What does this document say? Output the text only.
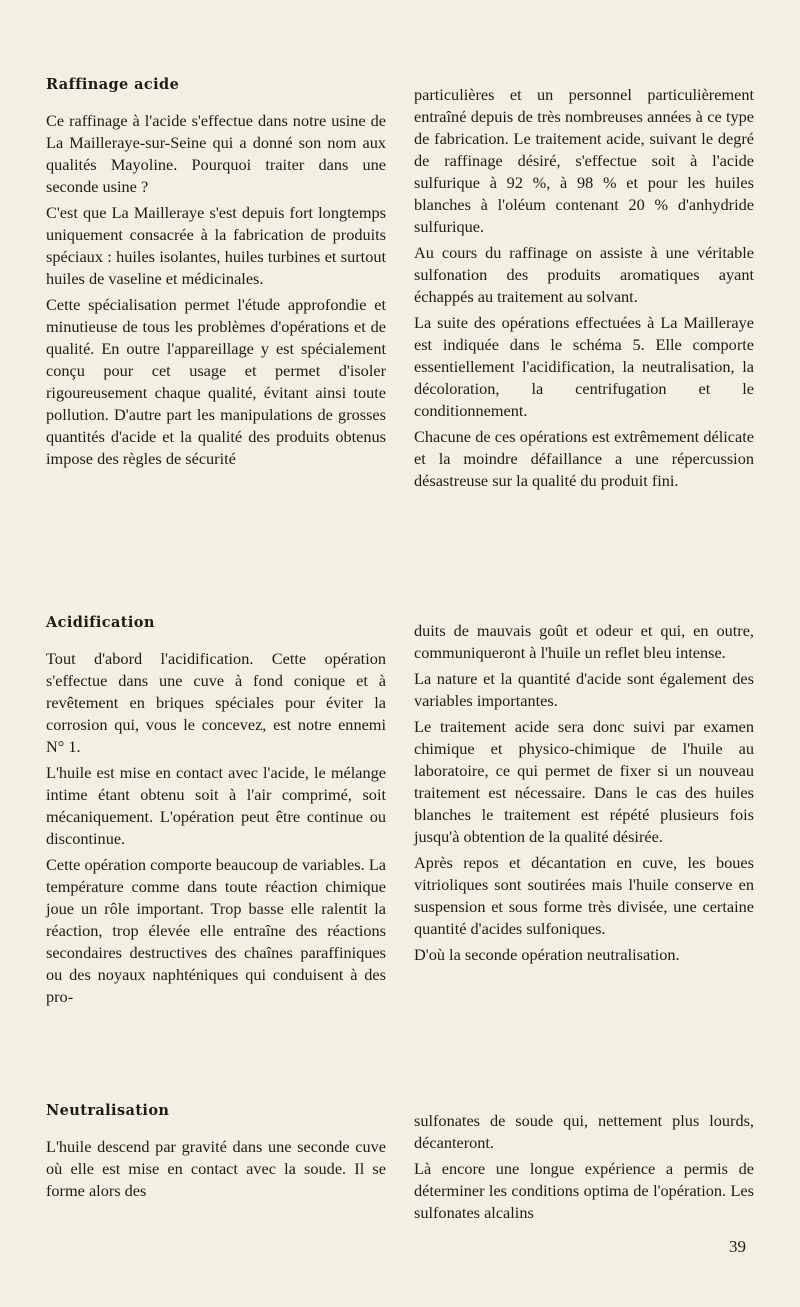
Raffinage acide

Ce raffinage à l'acide s'effectue dans notre usine de La Mailleraye-sur-Seine qui a donné son nom aux qualités Mayoline. Pourquoi traiter dans une seconde usine ?

C'est que La Mailleraye s'est depuis fort longtemps uniquement consacrée à la fabrication de produits spéciaux : huiles isolantes, huiles turbines et surtout huiles de vaseline et médicinales.

Cette spécialisation permet l'étude approfondie et minutieuse de tous les problèmes d'opérations et de qualité. En outre l'appareillage y est spécialement conçu pour cet usage et permet d'isoler rigoureusement chaque qualité, évitant ainsi toute pollution. D'autre part les manipulations de grosses quantités d'acide et la qualité des produits obtenus impose des règles de sécurité

particulières et un personnel particulièrement entraîné depuis de très nombreuses années à ce type de fabrication. Le traitement acide, suivant le degré de raffinage désiré, s'effectue soit à l'acide sulfurique à 92 %, à 98 % et pour les huiles blanches à l'oléum contenant 20 % d'anhydride sulfurique.

Au cours du raffinage on assiste à une véritable sulfonation des produits aromatiques ayant échappés au traitement au solvant.

La suite des opérations effectuées à La Mailleraye est indiquée dans le schéma 5. Elle comporte essentiellement l'acidification, la neutralisation, la décoloration, la centrifugation et le conditionnement.

Chacune de ces opérations est extrêmement délicate et la moindre défaillance a une répercussion désastreuse sur la qualité du produit fini.

Acidification

Tout d'abord l'acidification. Cette opération s'effectue dans une cuve à fond conique et à revêtement en briques spéciales pour éviter la corrosion qui, vous le concevez, est notre ennemi N° 1.

L'huile est mise en contact avec l'acide, le mélange intime étant obtenu soit à l'air comprimé, soit mécaniquement. L'opération peut être continue ou discontinue.

Cette opération comporte beaucoup de variables. La température comme dans toute réaction chimique joue un rôle important. Trop basse elle ralentit la réaction, trop élevée elle entraîne des réactions secondaires destructives des chaînes paraffiniques ou des noyaux naphténiques qui conduisent à des pro-

duits de mauvais goût et odeur et qui, en outre, communiqueront à l'huile un reflet bleu intense.

La nature et la quantité d'acide sont également des variables importantes.

Le traitement acide sera donc suivi par examen chimique et physico-chimique de l'huile au laboratoire, ce qui permet de fixer si un nouveau traitement est nécessaire. Dans le cas des huiles blanches le traitement est répété plusieurs fois jusqu'à obtention de la qualité désirée.

Après repos et décantation en cuve, les boues vitrioliques sont soutirées mais l'huile conserve en suspension et sous forme très divisée, une certaine quantité d'acides sulfoniques.

D'où la seconde opération neutralisation.

Neutralisation

L'huile descend par gravité dans une seconde cuve où elle est mise en contact avec la soude. Il se forme alors des

sulfonates de soude qui, nettement plus lourds, décanteront.

Là encore une longue expérience a permis de déterminer les conditions optima de l'opération. Les sulfonates alcalins

39
